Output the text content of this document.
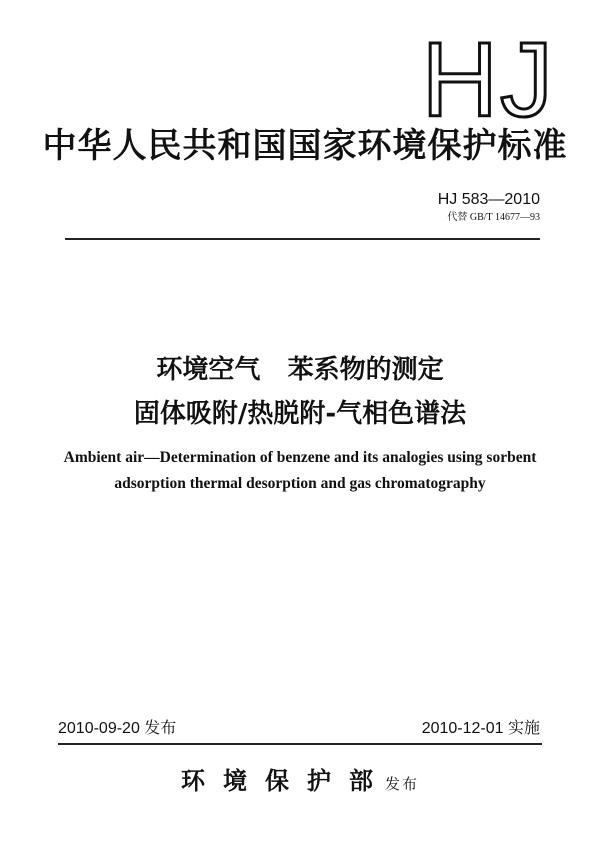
HJ
中华人民共和国国家环境保护标准
HJ 583—2010
代替 GB/T 14677—93
环境空气   苯系物的测定
固体吸附/热脱附-气相色谱法
Ambient air—Determination of benzene and its analogies using sorbent
adsorption thermal desorption and gas chromatography
2010-09-20 发布	2010-12-01 实施
环境保护部发布
